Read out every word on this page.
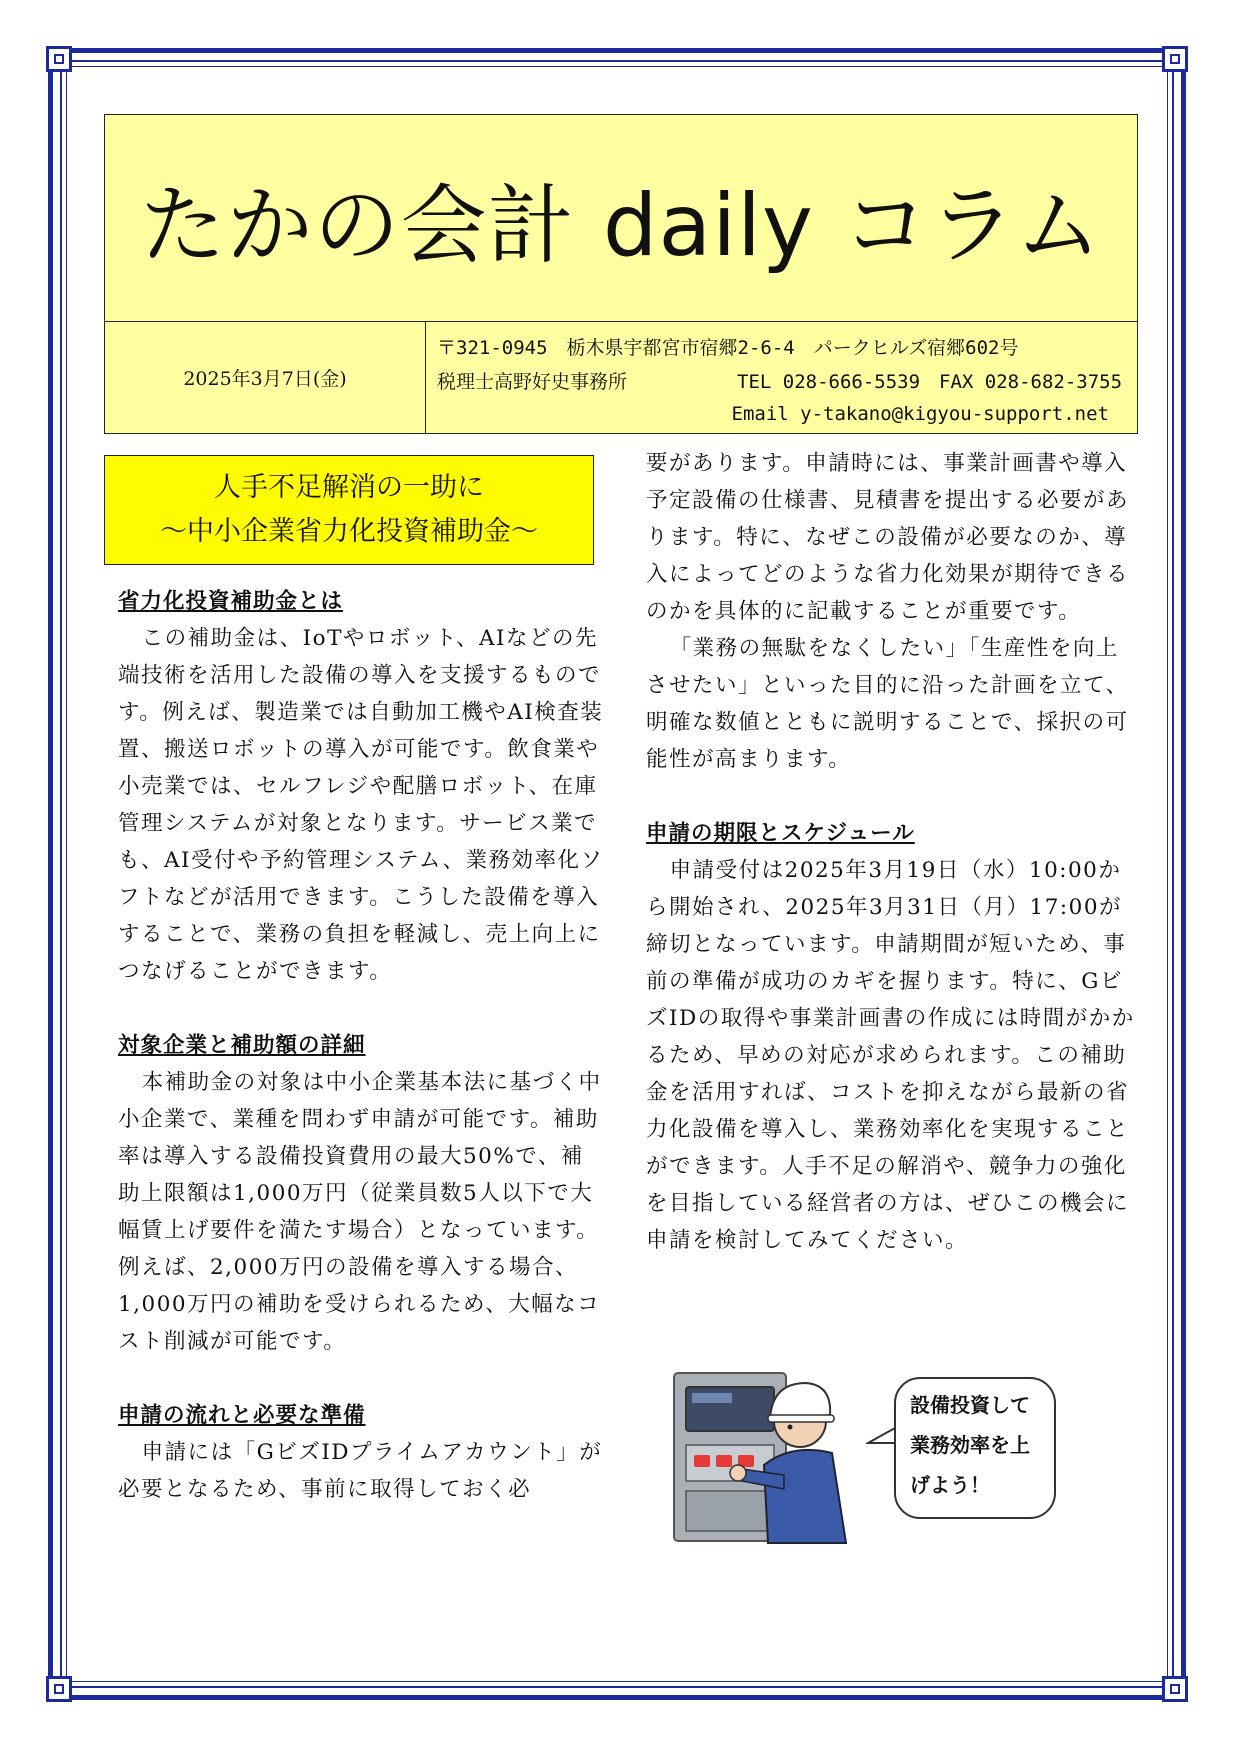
たかの会計 daily コラム
2025年3月7日(金)
〒321-0945　栃木県宇都宮市宿郷2-6-4　パークヒルズ宿郷602号
税理士高野好史事務所	TEL 028-666-5539　FAX 028-682-3755
Email y-takano@kigyou-support.net
人手不足解消の一助に
～中小企業省力化投資補助金～

省力化投資補助金とは

この補助金は、IoTやロボット、AIなどの先端技術を活用した設備の導入を支援するものです。例えば、製造業では自動加工機やAI検査装置、搬送ロボットの導入が可能です。飲食業や小売業では、セルフレジや配膳ロボット、在庫管理システムが対象となります。サービス業でも、AI受付や予約管理システム、業務効率化ソフトなどが活用できます。こうした設備を導入することで、業務の負担を軽減し、売上向上につなげることができます。

対象企業と補助額の詳細

本補助金の対象は中小企業基本法に基づく中小企業で、業種を問わず申請が可能です。補助率は導入する設備投資費用の最大50%で、補助上限額は1,000万円（従業員数5人以下で大幅賃上げ要件を満たす場合）となっています。例えば、2,000万円の設備を導入する場合、1,000万円の補助を受けられるため、大幅なコスト削減が可能です。

申請の流れと必要な準備

申請には「GビズIDプライムアカウント」が必要となるため、事前に取得しておく必

要があります。申請時には、事業計画書や導入予定設備の仕様書、見積書を提出する必要があります。特に、なぜこの設備が必要なのか、導入によってどのような省力化効果が期待できるのかを具体的に記載することが重要です。

「業務の無駄をなくしたい」「生産性を向上させたい」といった目的に沿った計画を立て、明確な数値とともに説明することで、採択の可能性が高まります。

申請の期限とスケジュール

申請受付は2025年3月19日（水）10:00から開始され、2025年3月31日（月）17:00が締切となっています。申請期間が短いため、事前の準備が成功のカギを握ります。特に、GビズIDの取得や事業計画書の作成には時間がかかるため、早めの対応が求められます。この補助金を活用すれば、コストを抑えながら最新の省力化設備を導入し、業務効率化を実現することができます。人手不足の解消や、競争力の強化を目指している経営者の方は、ぜひこの機会に申請を検討してみてください。

設備投資して
業務効率を上
げよう！
